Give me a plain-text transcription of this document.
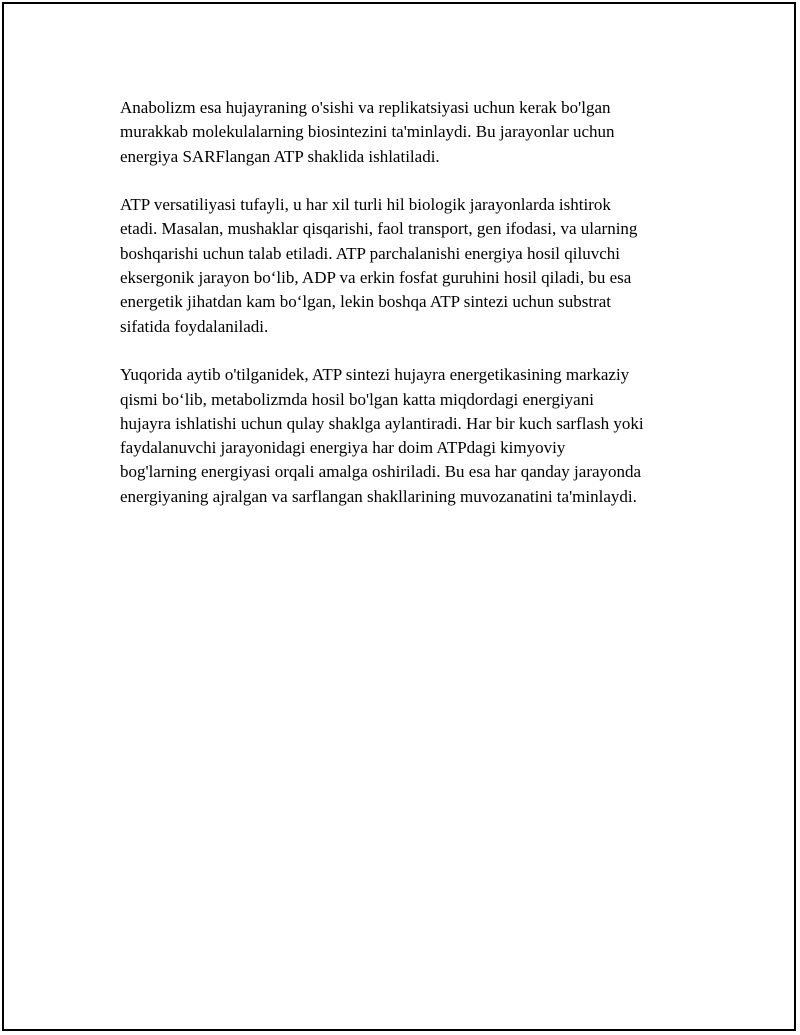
Anabolizm esa hujayraning o'sishi va replikatsiyasi uchun kerak bo'lgan
murakkab molekulalarning biosintezini ta'minlaydi. Bu jarayonlar uchun
energiya SARFlangan ATP shaklida ishlatiladi.

ATP versatiliyasi tufayli, u har xil turli hil biologik jarayonlarda ishtirok
etadi. Masalan, mushaklar qisqarishi, faol transport, gen ifodasi, va ularning
boshqarishi uchun talab etiladi. ATP parchalanishi energiya hosil qiluvchi
eksergonik jarayon bo‘lib, ADP va erkin fosfat guruhini hosil qiladi, bu esa
energetik jihatdan kam bo‘lgan, lekin boshqa ATP sintezi uchun substrat
sifatida foydalaniladi.

Yuqorida aytib o'tilganidek, ATP sintezi hujayra energetikasining markaziy
qismi bo‘lib, metabolizmda hosil bo'lgan katta miqdordagi energiyani
hujayra ishlatishi uchun qulay shaklga aylantiradi. Har bir kuch sarflash yoki
faydalanuvchi jarayonidagi energiya har doim ATPdagi kimyoviy
bog'larning energiyasi orqali amalga oshiriladi. Bu esa har qanday jarayonda
energiyaning ajralgan va sarflangan shakllarining muvozanatini ta'minlaydi.
